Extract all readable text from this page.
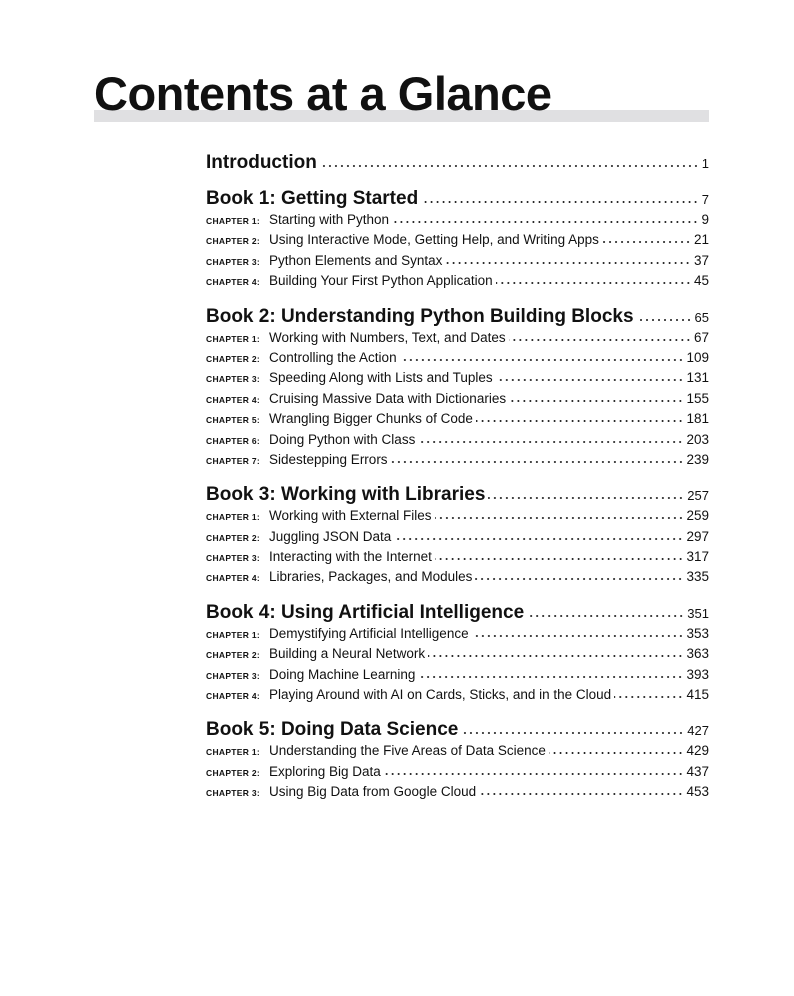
Contents at a Glance
Introduction	1
Book 1: Getting Started	7
CHAPTER 1: Starting with Python	9
CHAPTER 2: Using Interactive Mode, Getting Help, and Writing Apps	21
CHAPTER 3: Python Elements and Syntax	37
CHAPTER 4: Building Your First Python Application	45
Book 2: Understanding Python Building Blocks	65
CHAPTER 1: Working with Numbers, Text, and Dates	67
CHAPTER 2: Controlling the Action	109
CHAPTER 3: Speeding Along with Lists and Tuples	131
CHAPTER 4: Cruising Massive Data with Dictionaries	155
CHAPTER 5: Wrangling Bigger Chunks of Code	181
CHAPTER 6: Doing Python with Class	203
CHAPTER 7: Sidestepping Errors	239
Book 3: Working with Libraries	257
CHAPTER 1: Working with External Files	259
CHAPTER 2: Juggling JSON Data	297
CHAPTER 3: Interacting with the Internet	317
CHAPTER 4: Libraries, Packages, and Modules	335
Book 4: Using Artificial Intelligence	351
CHAPTER 1: Demystifying Artificial Intelligence	353
CHAPTER 2: Building a Neural Network	363
CHAPTER 3: Doing Machine Learning	393
CHAPTER 4: Playing Around with AI on Cards, Sticks, and in the Cloud	415
Book 5: Doing Data Science	427
CHAPTER 1: Understanding the Five Areas of Data Science	429
CHAPTER 2: Exploring Big Data	437
CHAPTER 3: Using Big Data from Google Cloud	453
